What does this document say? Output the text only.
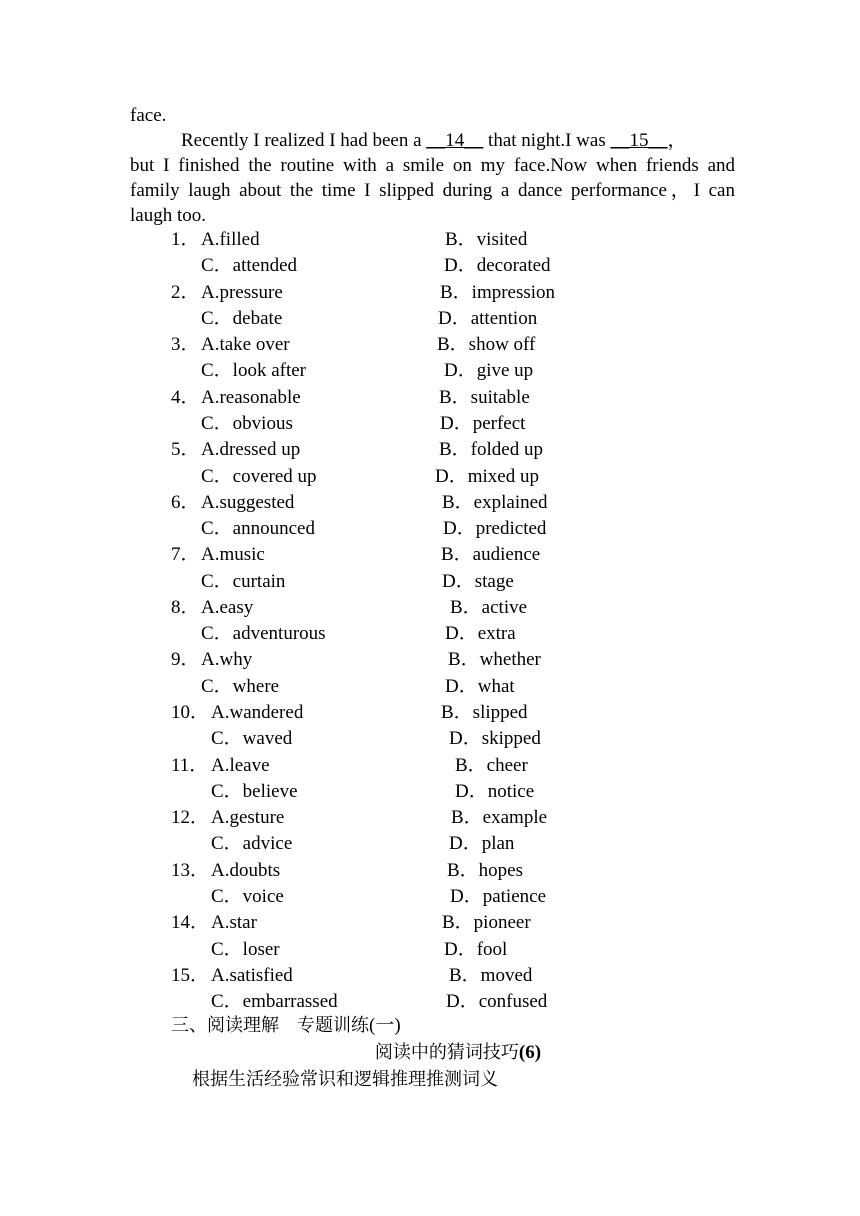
face.
Recently I realized I had been a __14__ that night.I was __15__，
but I finished the routine with a smile on my face.Now when friends and
family laugh about the time I slipped during a dance performance，I can
laugh too.
1． A.filled	B．visited
C．attended	D．decorated
2． A.pressure	B．impression
C．debate	D．attention
3． A.take over	B．show off
C．look after	D．give up
4． A.reasonable	B．suitable
C．obvious	D．perfect
5． A.dressed up	B．folded up
C．covered up	D．mixed up
6． A.suggested	B．explained
C．announced	D．predicted
7． A.music	B．audience
C．curtain	D．stage
8． A.easy	B．active
C．adventurous	D．extra
9． A.why	B．whether
C．where	D．what
10． A.wandered	B．slipped
C．waved	D．skipped
11． A.leave	B．cheer
C．believe	D．notice
12． A.gesture	B．example
C．advice	D．plan
13． A.doubts	B．hopes
C．voice	D．patience
14． A.star	B．pioneer
C．loser	D．fool
15． A.satisfied	B．moved
C．embarrassed	D．confused
三、阅读理解　专题训练(一)
阅读中的猜词技巧(6)
根据生活经验常识和逻辑推理推测词义
